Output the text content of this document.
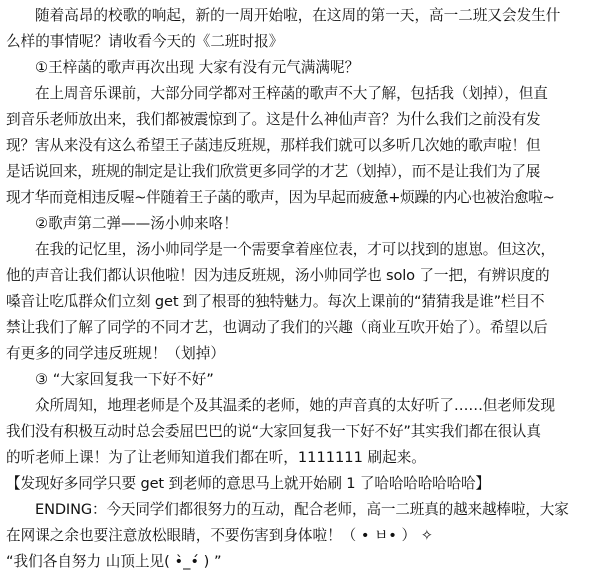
随着高昂的校歌的响起，新的一周开始啦，在这周的第一天，高一二班又会发生什
么样的事情呢？请收看今天的《二班时报》
①王梓菡的歌声再次出现 大家有没有元气满满呢？
在上周音乐课前，大部分同学都对王梓菡的歌声不大了解，包括我（划掉），但直
到音乐老师放出来，我们都被震惊到了。这是什么神仙声音？为什么我们之前没有发
现？害从来没有这么希望王子菡违反班规，那样我们就可以多听几次她的歌声啦！但
是话说回来，班规的制定是让我们欣赏更多同学的才艺（划掉），而不是让我们为了展
现才华而竟相违反喔~伴随着王子菡的歌声，因为早起而疲惫+烦躁的内心也被治愈啦~
②歌声第二弹——汤小帅来咯！
在我的记忆里，汤小帅同学是一个需要拿着座位表，才可以找到的崽崽。但这次，
他的声音让我们都认识他啦！因为违反班规，汤小帅同学也 solo 了一把，有辨识度的
嗓音让吃瓜群众们立刻 get 到了根哥的独特魅力。每次上课前的“猜猜我是谁”栏目不
禁让我们了解了同学的不同才艺，也调动了我们的兴趣（商业互吹开始了）。希望以后
有更多的同学违反班规！（划掉）
③ “大家回复我一下好不好”
众所周知，地理老师是个及其温柔的老师，她的声音真的太好听了……但老师发现
我们没有积极互动时总会委屈巴巴的说“大家回复我一下好不好”其实我们都在很认真
的听老师上课！为了让老师知道我们都在听，1111111 刷起来。
【发现好多同学只要 get 到老师的意思马上就开始刷 1 了哈哈哈哈哈哈哈】
ENDING：今天同学们都很努力的互动，配合老师，高一二班真的越来越棒啦，大家
在网课之余也要注意放松眼睛，不要伤害到身体啦！（ • ㅂ• ） ✧
“我们各自努力 山顶上见( •̀_•́ ) ”
